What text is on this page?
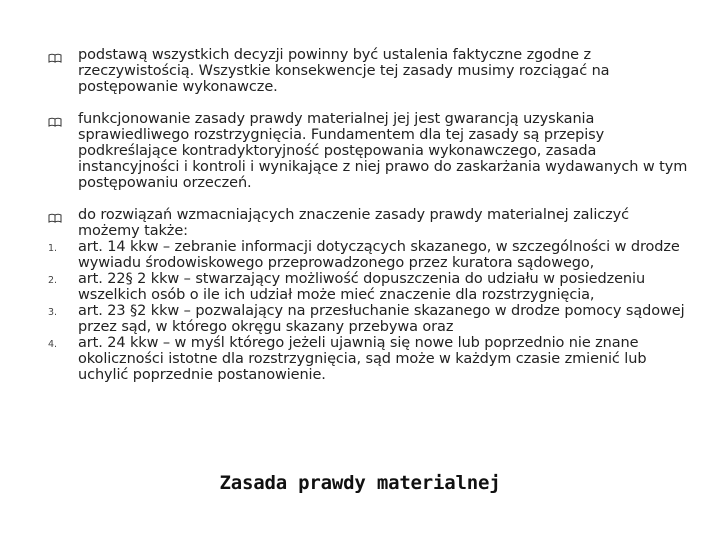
podstawą wszystkich decyzji powinny być ustalenia faktyczne zgodne z rzeczywistością. Wszystkie konsekwencje tej zasady musimy rozciągać na postępowanie wykonawcze.
funkcjonowanie zasady prawdy materialnej jej jest gwarancją uzyskania sprawiedliwego rozstrzygnięcia. Fundamentem dla tej zasady są przepisy podkreślające kontradyktoryjność postępowania wykonawczego, zasada instancyjności i kontroli i wynikające z niej prawo do zaskarżania wydawanych w tym postępowaniu orzeczeń.
do rozwiązań wzmacniających znaczenie zasady prawdy materialnej zaliczyć możemy także:
1. art. 14 kkw – zebranie informacji dotyczących skazanego, w szczególności w drodze wywiadu środowiskowego przeprowadzonego przez kuratora sądowego,
2. art. 22§ 2 kkw – stwarzający możliwość dopuszczenia do udziału w posiedzeniu wszelkich osób o ile ich udział może mieć znaczenie dla rozstrzygnięcia,
3. art. 23 §2 kkw – pozwalający na przesłuchanie skazanego w drodze pomocy sądowej przez sąd, w którego okręgu skazany przebywa oraz
4. art. 24 kkw – w myśl którego jeżeli ujawnią się nowe lub poprzednio nie znane okoliczności istotne dla rozstrzygnięcia, sąd może w każdym czasie zmienić lub uchylić poprzednie postanowienie.
Zasada prawdy materialnej
